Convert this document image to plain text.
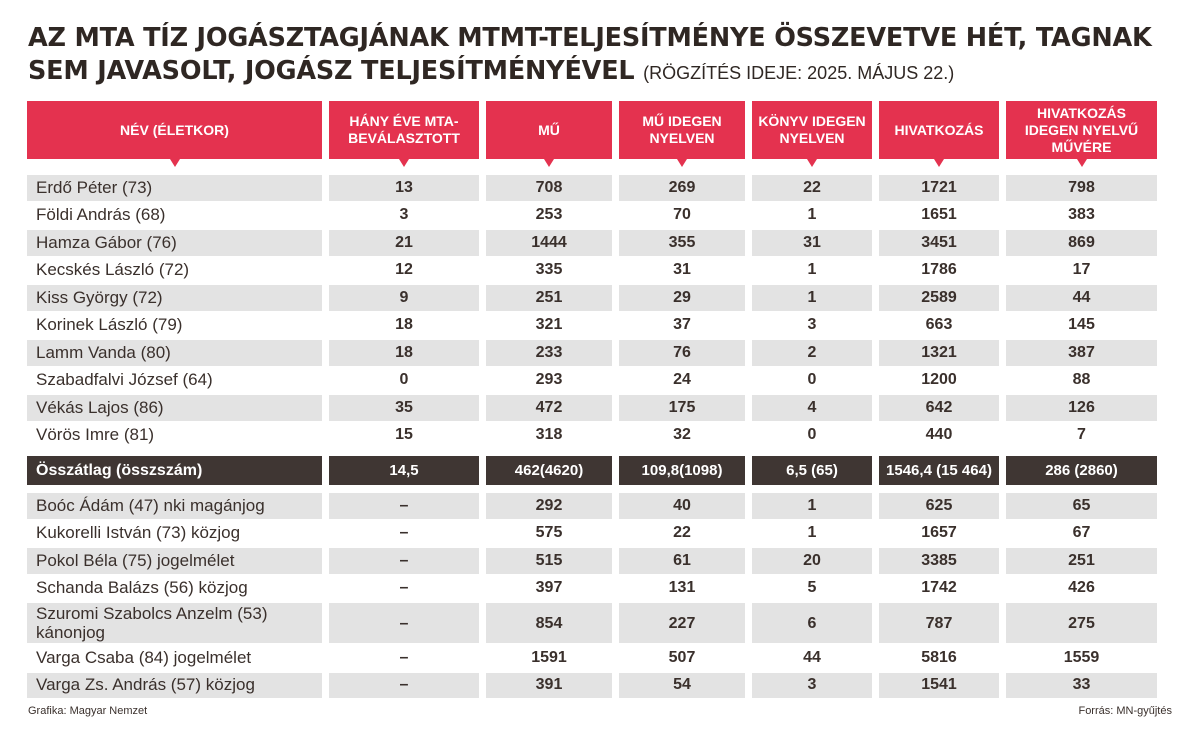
AZ MTA TÍZ JOGÁSZTAGJÁNAK MTMT-TELJESÍTMÉNYE ÖSSZEVETVE HÉT, TAGNAK SEM JAVASOLT, JOGÁSZ TELJESÍTMÉNYÉVEL (RÖGZÍTÉS IDEJE: 2025. MÁJUS 22.)
NÉV (ÉLETKOR)	HÁNY ÉVE MTA-BEVÁLASZTOTT	MŰ	MŰ IDEGEN NYELVEN	KÖNYV IDEGEN NYELVEN	HIVATKOZÁS	HIVATKOZÁS IDEGEN NYELVŰ MŰVÉRE

Erdő Péter (73)	13	708	269	22	1721	798
Földi András (68)	3	253	70	1	1651	383
Hamza Gábor (76)	21	1444	355	31	3451	869
Kecskés László (72)	12	335	31	1	1786	17
Kiss György (72)	9	251	29	1	2589	44
Korinek László (79)	18	321	37	3	663	145
Lamm Vanda (80)	18	233	76	2	1321	387
Szabadfalvi József (64)	0	293	24	0	1200	88
Vékás Lajos (86)	35	472	175	4	642	126
Vörös Imre (81)	15	318	32	0	440	7

Összátlag (összszám)	14,5	462(4620)	109,8(1098)	6,5 (65)	1546,4 (15 464)	286 (2860)

Boóc Ádám (47) nki magánjog	–	292	40	1	625	65
Kukorelli István (73) közjog	–	575	22	1	1657	67
Pokol Béla (75) jogelmélet	–	515	61	20	3385	251
Schanda Balázs (56) közjog	–	397	131	5	1742	426
Szuromi Szabolcs Anzelm (53) kánonjog	–	854	227	6	787	275
Varga Csaba (84) jogelmélet	–	1591	507	44	5816	1559
Varga Zs. András (57) közjog	–	391	54	3	1541	33
Grafika: Magyar Nemzet	Forrás: MN-gyűjtés
